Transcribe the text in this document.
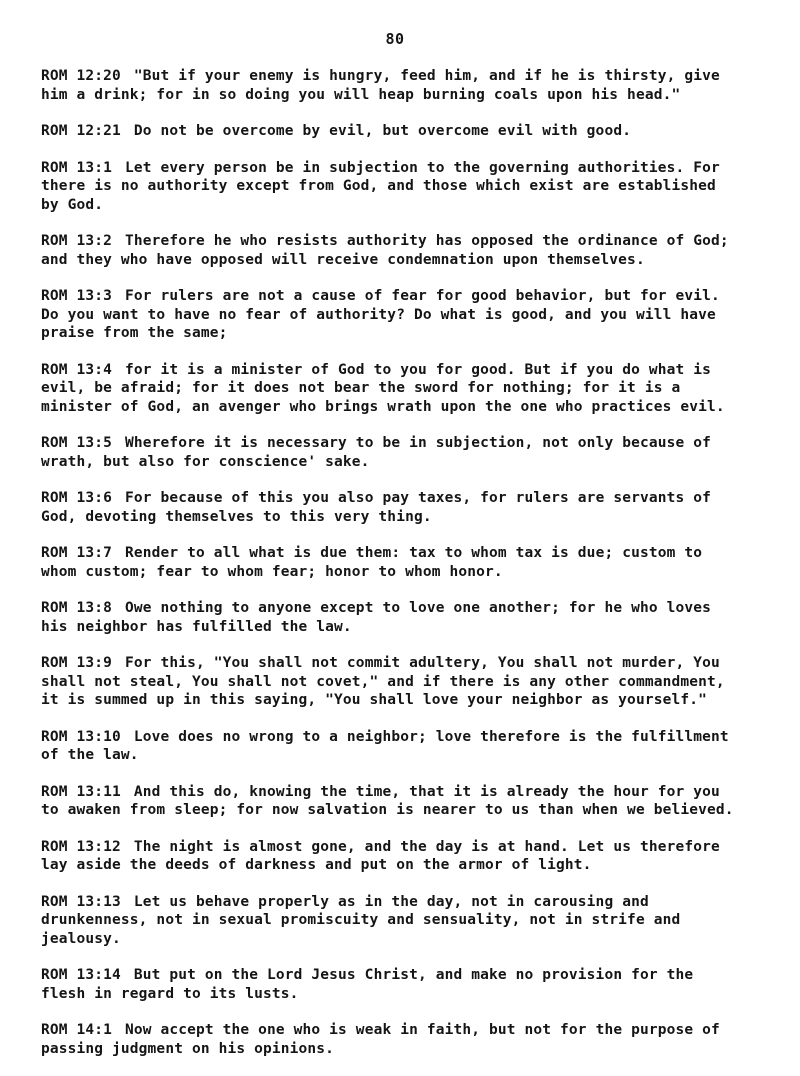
80

ROM 12:20 "But if your enemy is hungry, feed him, and if he is thirsty, give him a drink; for in so doing you will heap burning coals upon his head."

ROM 12:21 Do not be overcome by evil, but overcome evil with good.

ROM 13:1 Let every person be in subjection to the governing authorities. For there is no authority except from God, and those which exist are established by God.

ROM 13:2 Therefore he who resists authority has opposed the ordinance of God; and they who have opposed will receive condemnation upon themselves.

ROM 13:3 For rulers are not a cause of fear for good behavior, but for evil. Do you want to have no fear of authority? Do what is good, and you will have praise from the same;

ROM 13:4 for it is a minister of God to you for good. But if you do what is evil, be afraid; for it does not bear the sword for nothing; for it is a minister of God, an avenger who brings wrath upon the one who practices evil.

ROM 13:5 Wherefore it is necessary to be in subjection, not only because of wrath, but also for conscience' sake.

ROM 13:6 For because of this you also pay taxes, for rulers are servants of God, devoting themselves to this very thing.

ROM 13:7 Render to all what is due them: tax to whom tax is due; custom to whom custom; fear to whom fear; honor to whom honor.

ROM 13:8 Owe nothing to anyone except to love one another; for he who loves his neighbor has fulfilled the law.

ROM 13:9 For this, "You shall not commit adultery, You shall not murder, You shall not steal, You shall not covet," and if there is any other commandment, it is summed up in this saying, "You shall love your neighbor as yourself."

ROM 13:10 Love does no wrong to a neighbor; love therefore is the fulfillment of the law.

ROM 13:11 And this do, knowing the time, that it is already the hour for you to awaken from sleep; for now salvation is nearer to us than when we believed.

ROM 13:12 The night is almost gone, and the day is at hand. Let us therefore lay aside the deeds of darkness and put on the armor of light.

ROM 13:13 Let us behave properly as in the day, not in carousing and drunkenness, not in sexual promiscuity and sensuality, not in strife and jealousy.

ROM 13:14 But put on the Lord Jesus Christ, and make no provision for the flesh in regard to its lusts.

ROM 14:1 Now accept the one who is weak in faith, but not for the purpose of passing judgment on his opinions.
